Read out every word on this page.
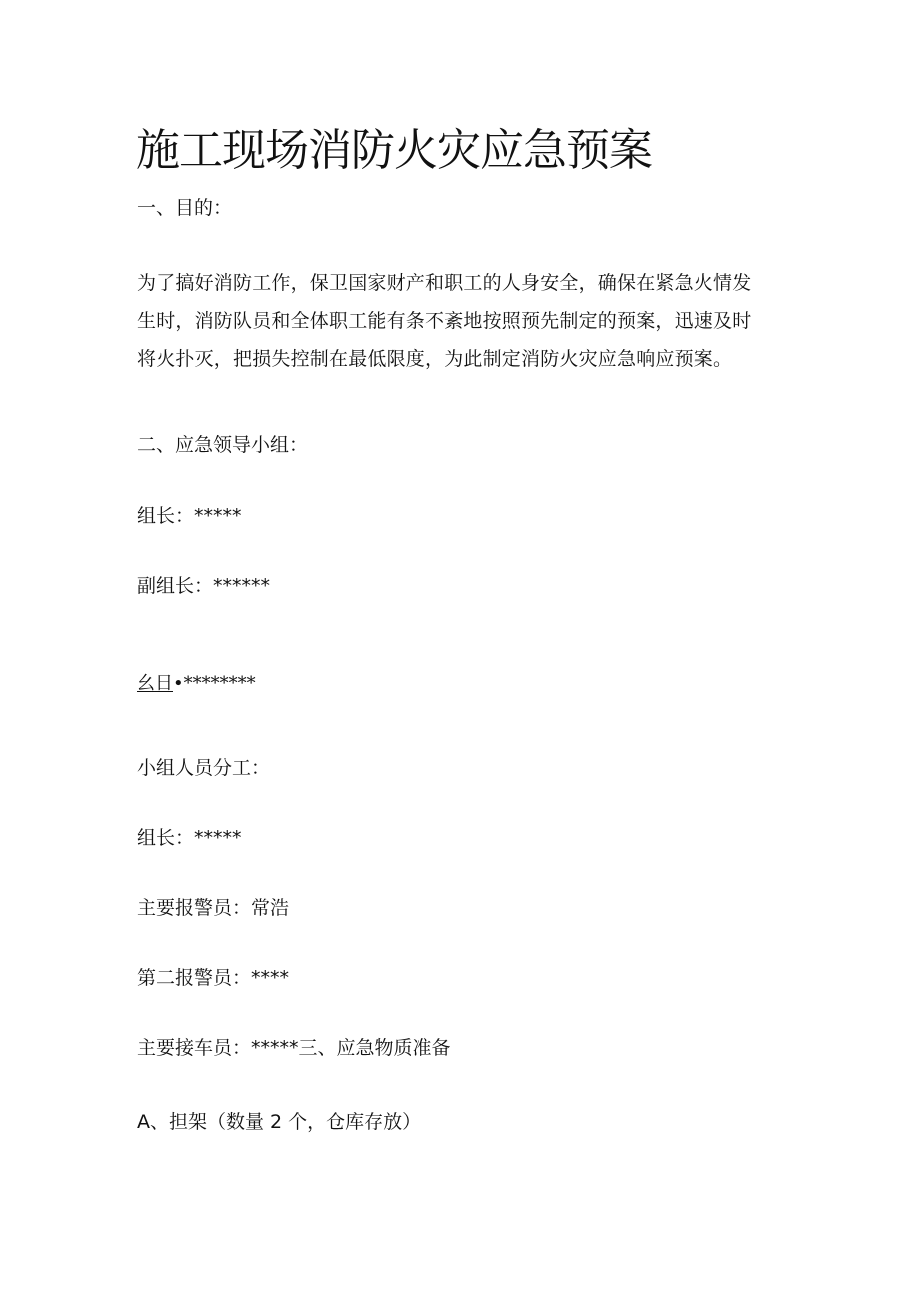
施工现场消防火灾应急预案

一、目的：

为了搞好消防工作，保卫国家财产和职工的人身安全，确保在紧急火情发
生时，消防队员和全体职工能有条不紊地按照预先制定的预案，迅速及时
将火扑灭，把损失控制在最低限度，为此制定消防火灾应急响应预案。

二、应急领导小组：

组长：*****

副组长：******

幺日•********

小组人员分工：

组长：*****

主要报警员：常浩

第二报警员：****

主要接车员：*****三、应急物质准备

A、担架（数量 2 个，仓库存放）
